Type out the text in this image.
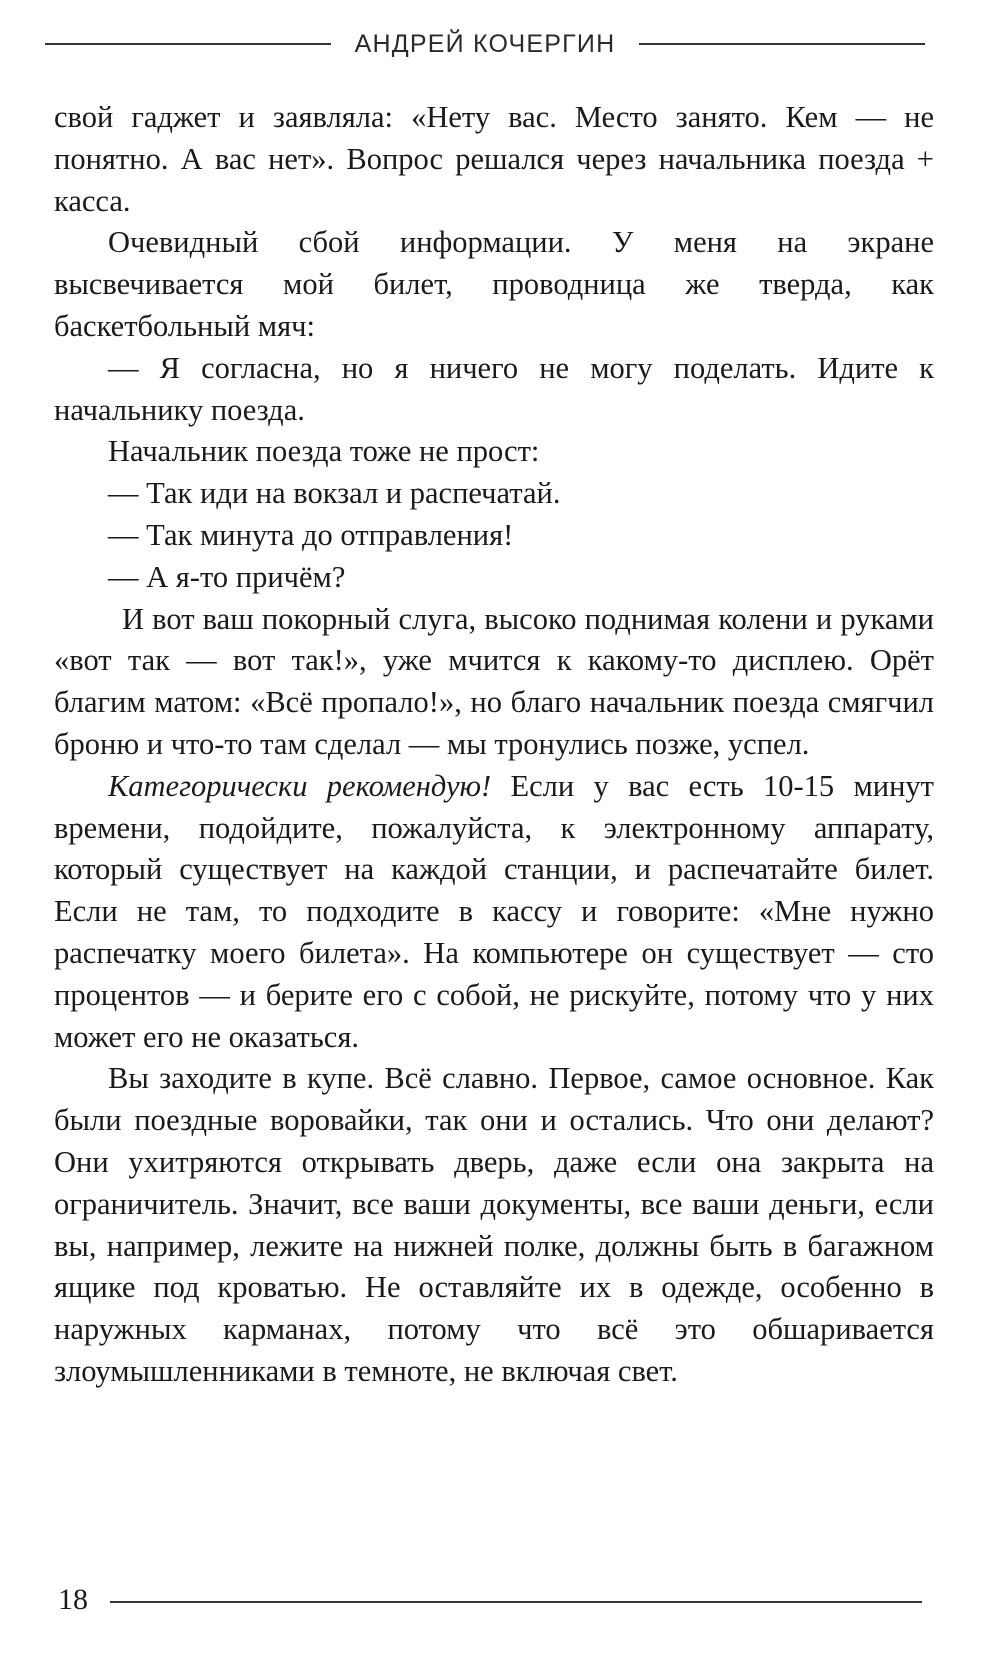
АНДРЕЙ КОЧЕРГИН

свой гаджет и заявляла: «Нету вас. Место занято. Кем — не понятно. А вас нет». Вопрос решался через начальника поезда + касса.

Очевидный сбой информации. У меня на экране высвечивается мой билет, проводница же тверда, как баскетбольный мяч:

— Я согласна, но я ничего не могу поделать. Идите к начальнику поезда.

Начальник поезда тоже не прост:

— Так иди на вокзал и распечатай.

— Так минута до отправления!

— А я-то причём?

И вот ваш покорный слуга, высоко поднимая колени и руками «вот так — вот так!», уже мчится к какому-то дисплею. Орёт благим матом: «Всё пропало!», но благо начальник поезда смягчил броню и что-то там сделал — мы тронулись позже, успел.

Категорически рекомендую! Если у вас есть 10-15 минут времени, подойдите, пожалуйста, к электронному аппарату, который существует на каждой станции, и распечатайте билет. Если не там, то подходите в кассу и говорите: «Мне нужно распечатку моего билета». На компьютере он существует — сто процентов — и берите его с собой, не рискуйте, потому что у них может его не оказаться.

Вы заходите в купе. Всё славно. Первое, самое основное. Как были поездные воровайки, так они и остались. Что они делают? Они ухитряются открывать дверь, даже если она закрыта на ограничитель. Значит, все ваши документы, все ваши деньги, если вы, например, лежите на нижней полке, должны быть в багажном ящике под кроватью. Не оставляйте их в одежде, особенно в наружных карманах, потому что всё это обшаривается злоумышленниками в темноте, не включая свет.

18
